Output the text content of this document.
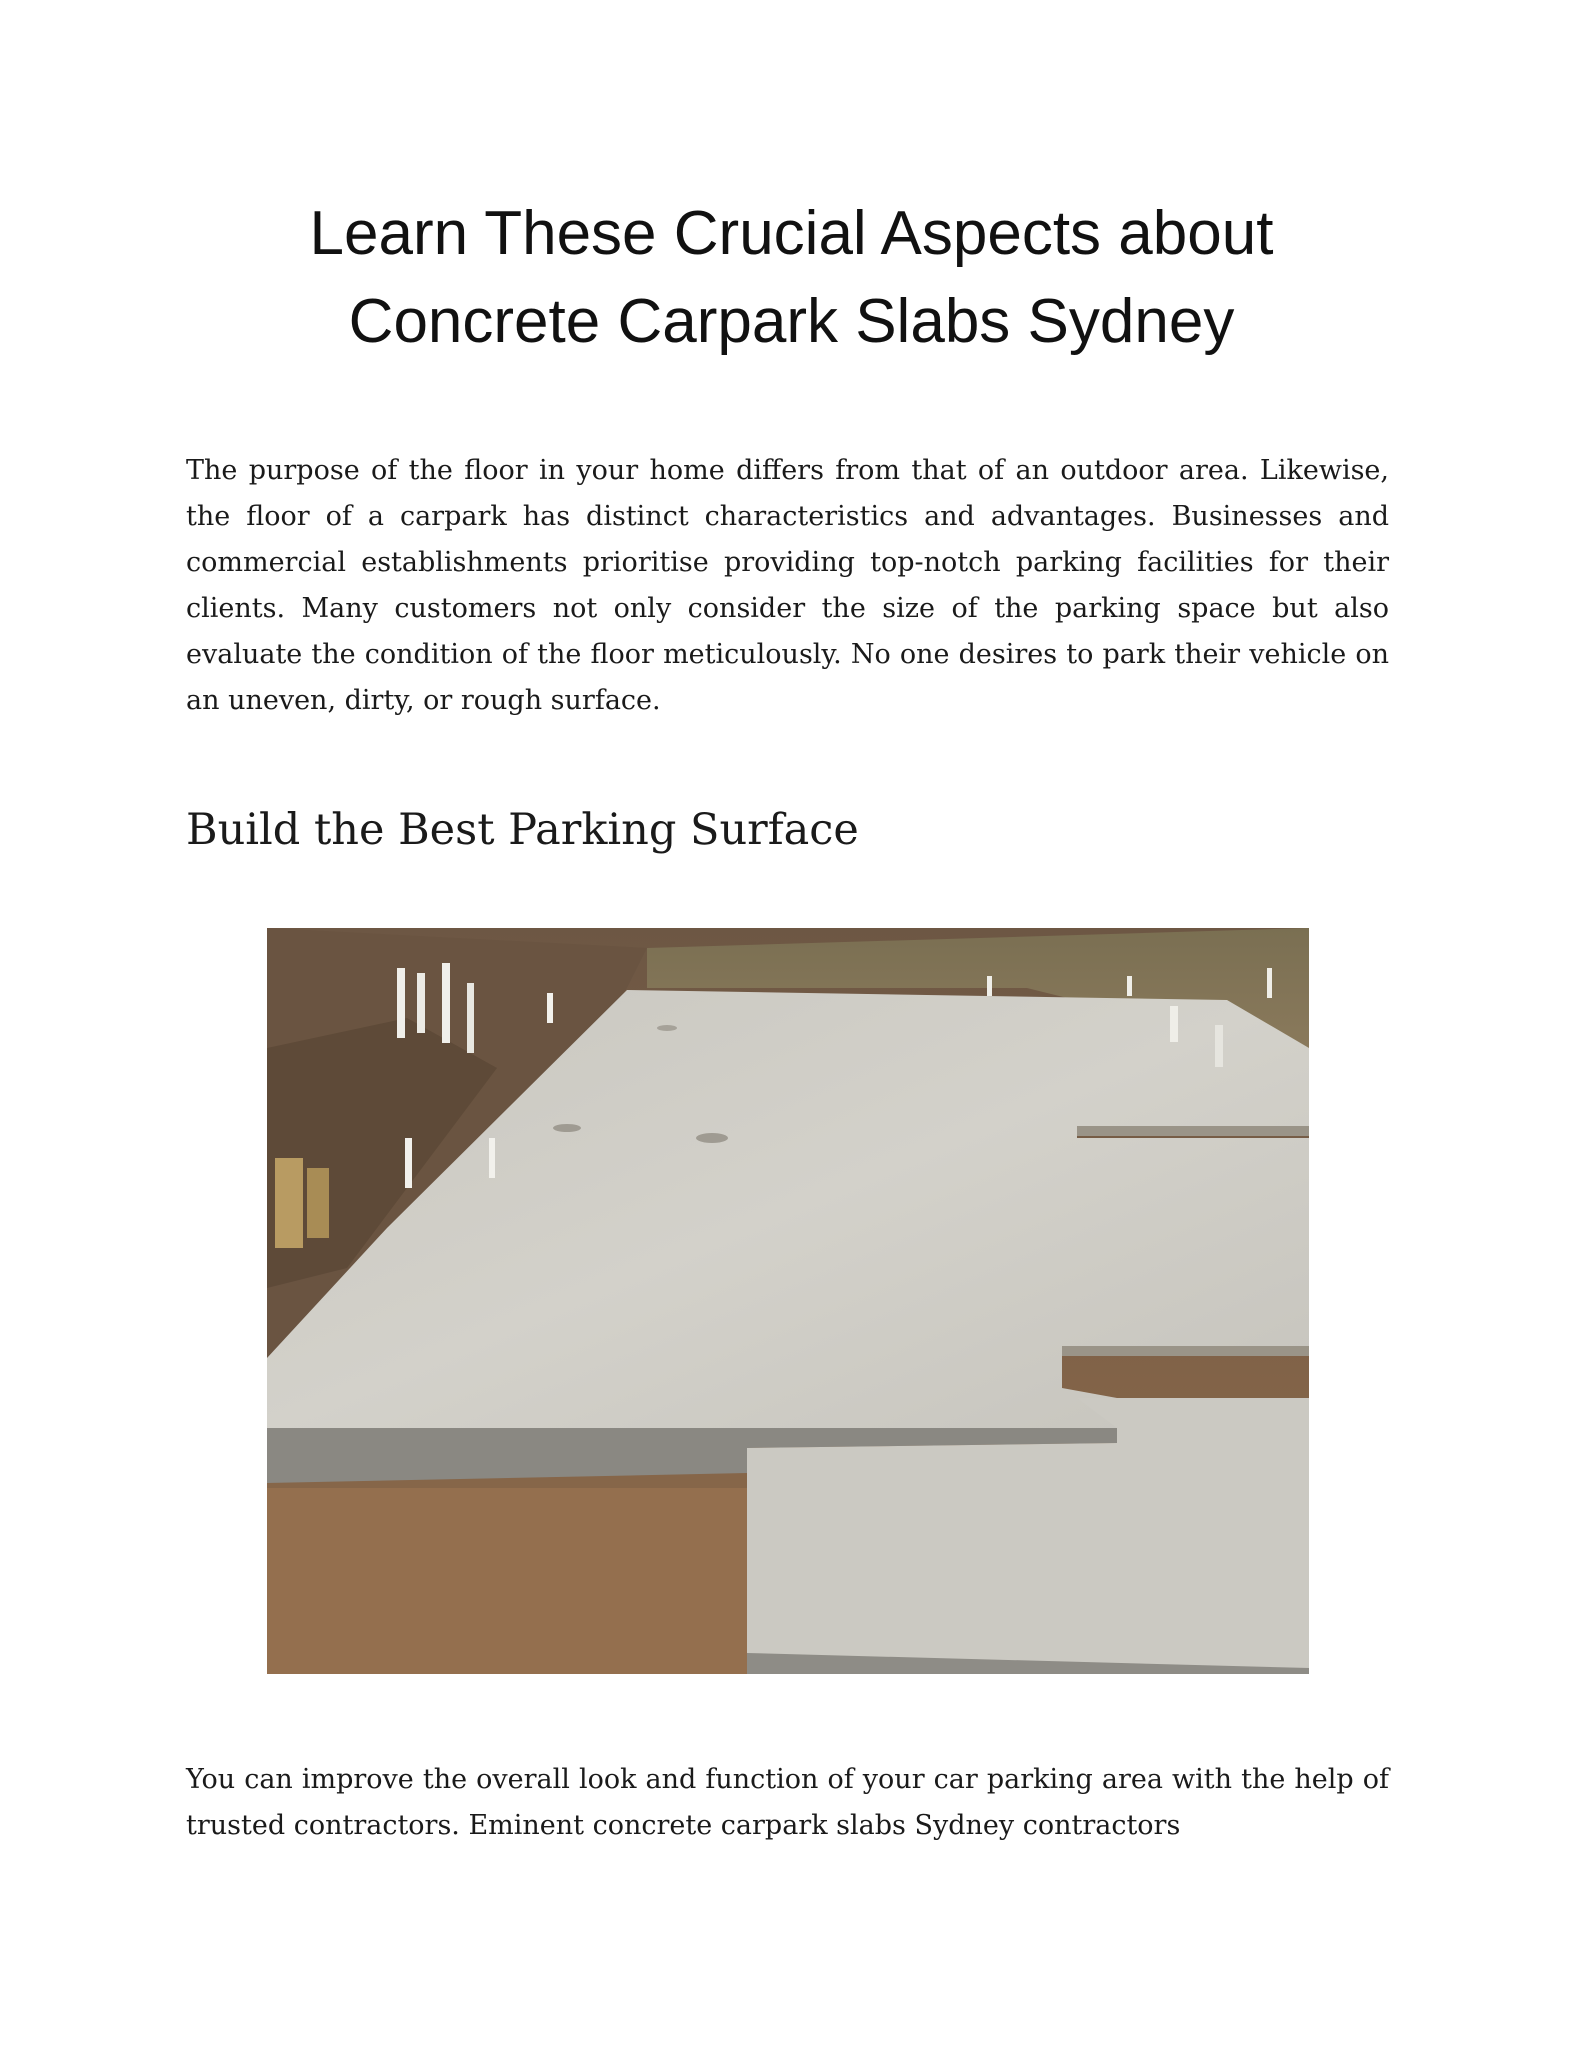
Learn These Crucial Aspects about
Concrete Carpark Slabs Sydney

The purpose of the floor in your home differs from that of an outdoor area. Likewise, the floor of a carpark has distinct characteristics and advantages. Businesses and commercial establishments prioritise providing top-notch parking facilities for their clients. Many customers not only consider the size of the parking space but also evaluate the condition of the floor meticulously. No one desires to park their vehicle on an uneven, dirty, or rough surface.

Build the Best Parking Surface

You can improve the overall look and function of your car parking area with the help of trusted contractors. Eminent concrete carpark slabs Sydney contractors
